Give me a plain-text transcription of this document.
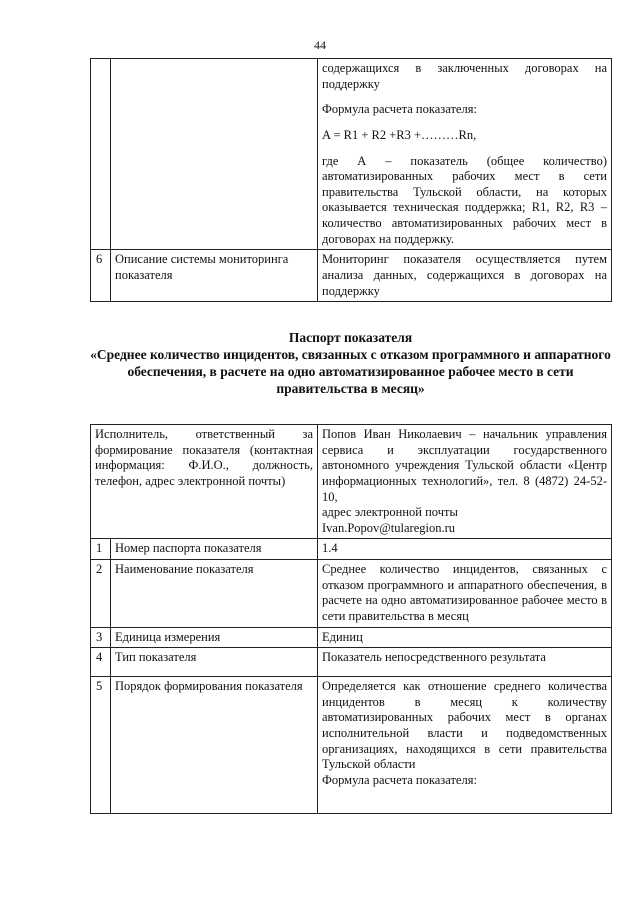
44

		содержащихся в заключенных договорах на поддержку

Формула расчета показателя:

A = R1 + R2 +R3 +………Rn,

где А – показатель (общее количество) автоматизированных рабочих мест в сети правительства Тульской области, на которых оказывается техническая поддержка; R1, R2, R3 – количество автоматизированных рабочих мест в договорах на поддержку.

6	Описание системы мониторинга показателя	Мониторинг показателя осуществляется путем анализа данных, содержащихся в договорах на поддержку
Паспорт показателя
«Среднее количество инцидентов, связанных с отказом программного и аппаратного обеспечения, в расчете на одно автоматизированное рабочее место в сети правительства в месяц»
Исполнитель, ответственный за формирование показателя (контактная информация: Ф.И.О., должность, телефон, адрес электронной почты)		Попов Иван Николаевич – начальник управления сервиса и эксплуатации государственного автономного учреждения Тульской области «Центр информационных технологий», тел. 8 (4872) 24-52-10,
адрес электронной почты
Ivan.Popov@tularegion.ru
1	Номер паспорта показателя	1.4
2	Наименование показателя	Среднее количество инцидентов, связанных с отказом программного и аппаратного обеспечения, в расчете на одно автоматизированное рабочее место в сети правительства в месяц
3	Единица измерения	Единиц
4	Тип показателя	Показатель непосредственного результата
5	Порядок формирования показателя	Определяется как отношение среднего количества инцидентов в месяц к количеству автоматизированных рабочих мест в органах исполнительной власти и подведомственных организациях, находящихся в сети правительства Тульской области
Формула расчета показателя:
